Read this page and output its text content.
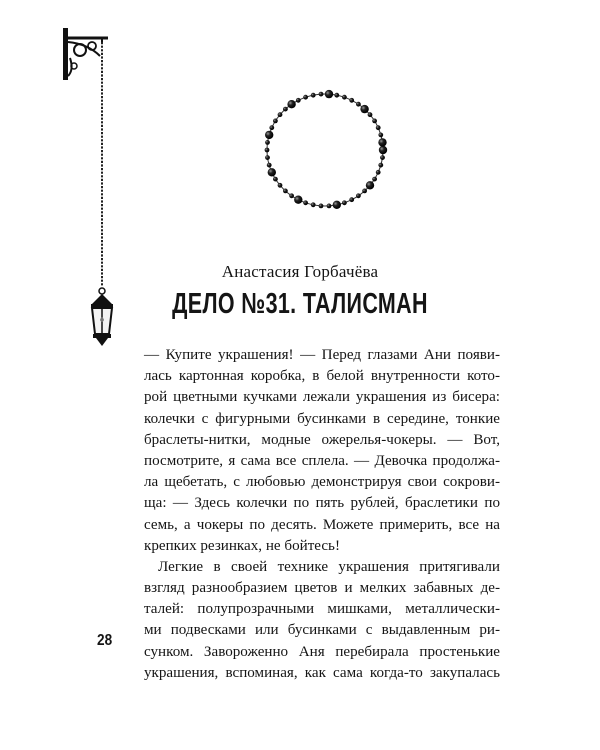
Анастасия Горбачёва
ДЕЛО №31. ТАЛИСМАН
— Купите украшения! — Перед глазами Ани появи-
лась картонная коробка, в белой внутренности кото-
рой цветными кучками лежали украшения из бисера:
колечки с фигурными бусинками в середине, тонкие
браслеты-нитки, модные ожерелья-чокеры. — Вот,
посмотрите, я сама все сплела. — Девочка продолжа-
ла щебетать, с любовью демонстрируя свои сокрови-
ща: — Здесь колечки по пять рублей, браслетики по
семь, а чокеры по десять. Можете примерить, все на
крепких резинках, не бойтесь!
Легкие в своей технике украшения притягивали
взгляд разнообразием цветов и мелких забавных де-
талей: полупрозрачными мишками, металлически-
ми подвесками или бусинками с выдавленным ри-
сунком. Завороженно Аня перебирала простенькие
украшения, вспоминая, как сама когда-то закупалась
28
